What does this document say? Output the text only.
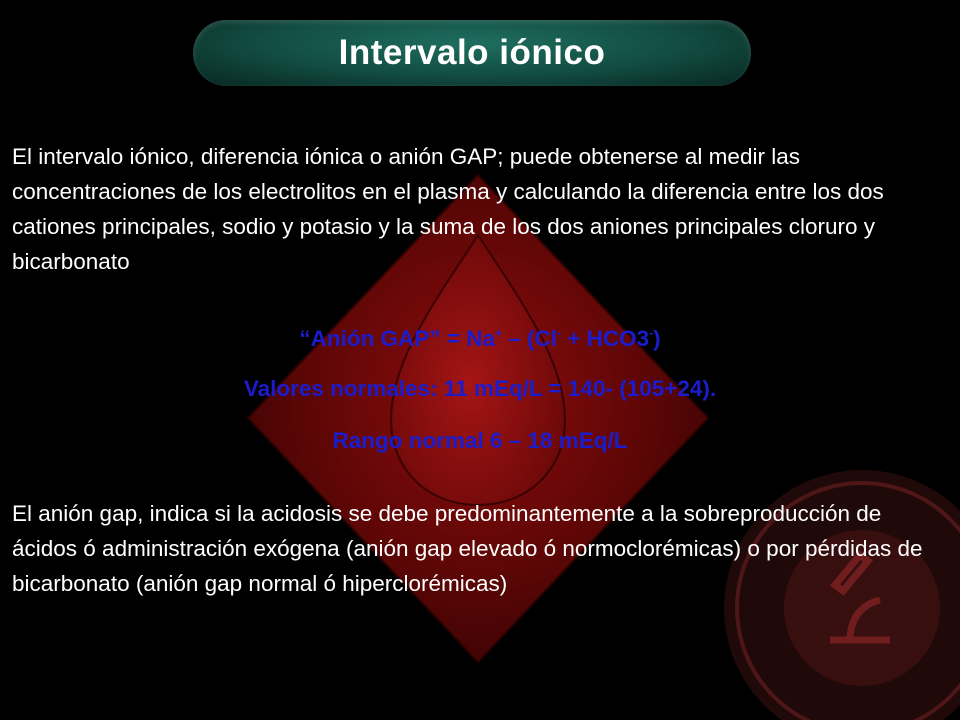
Intervalo iónico
El intervalo iónico, diferencia iónica o anión GAP; puede obtenerse al medir las concentraciones de los electrolitos en el plasma y calculando la diferencia entre los dos cationes principales, sodio y potasio y la suma de los dos aniones principales cloruro y bicarbonato
“Anión GAP” = Na+ – (Cl- + HCO3-)
Valores normales: 11 mEq/L = 140- (105+24).
Rango normal 6 – 18 mEq/L
El anión gap, indica si la acidosis se debe predominantemente a la sobreproducción de ácidos ó administración exógena (anión gap elevado ó normoclorémicas) o por pérdidas de bicarbonato (anión gap normal ó hiperclorémicas)
